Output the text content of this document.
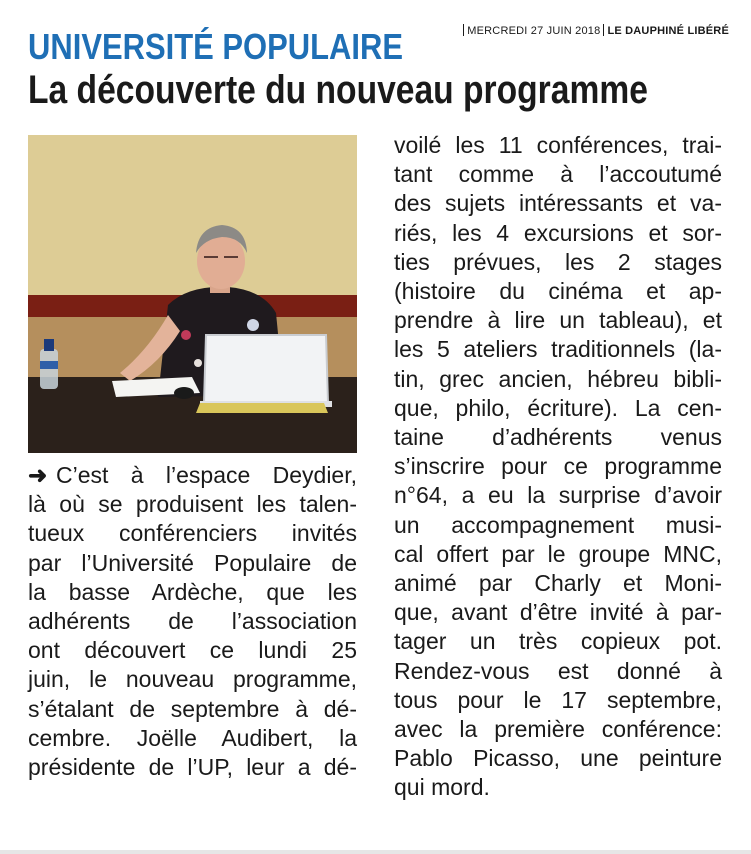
MERCREDI 27 JUIN 2018 LE DAUPHINÉ LIBÉRÉ
UNIVERSITÉ POPULAIRE
La découverte du nouveau programme
➜ C’est à l’espace Deydier,
là où se produisent les talen-
tueux conférenciers invités
par l’Université Populaire de
la basse Ardèche, que les
adhérents de l’association
ont découvert ce lundi 25
juin, le nouveau programme,
s’étalant de septembre à dé-
cembre. Joëlle Audibert, la
présidente de l’UP, leur a dé-
voilé les 11 conférences, trai-
tant comme à l’accoutumé
des sujets intéressants et va-
riés, les 4 excursions et sor-
ties prévues, les 2 stages
(histoire du cinéma et ap-
prendre à lire un tableau), et
les 5 ateliers traditionnels (la-
tin, grec ancien, hébreu bibli-
que, philo, écriture). La cen-
taine d’adhérents venus
s’inscrire pour ce programme
n°64, a eu la surprise d’avoir
un accompagnement musi-
cal offert par le groupe MNC,
animé par Charly et Moni-
que, avant d’être invité à par-
tager un très copieux pot.
Rendez-vous est donné à
tous pour le 17 septembre,
avec la première conférence:
Pablo Picasso, une peinture
qui mord.
